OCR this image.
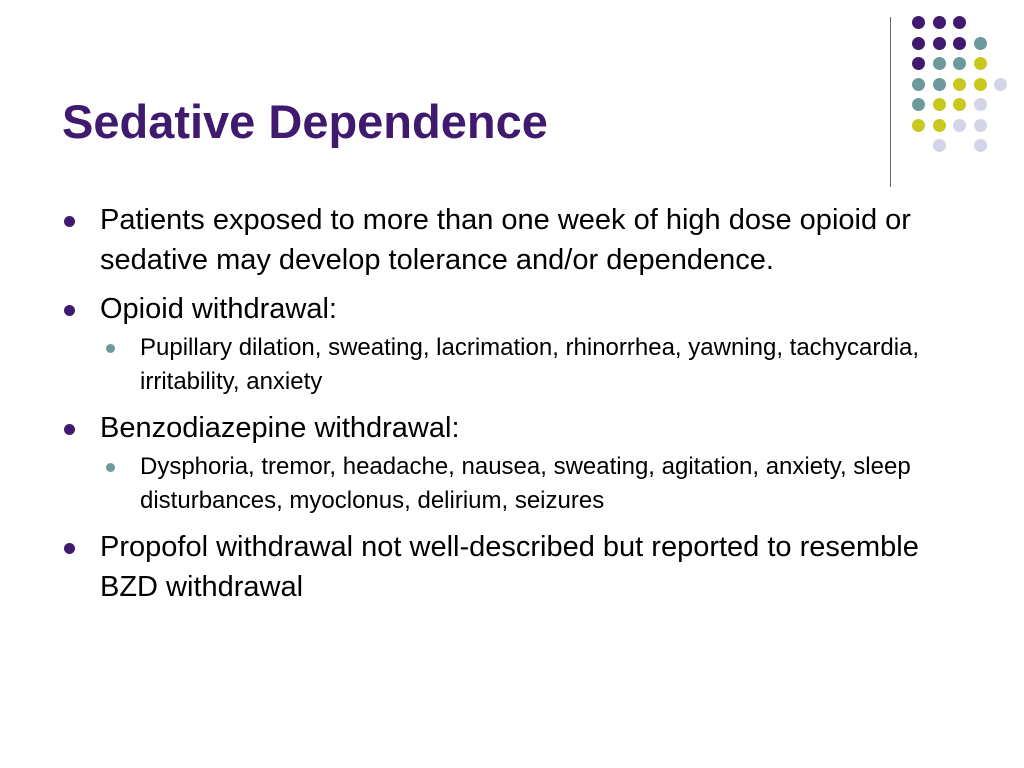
Sedative Dependence
Patients exposed to more than one week of high dose opioid or sedative may develop tolerance and/or dependence.
Opioid withdrawal:
Pupillary dilation, sweating, lacrimation, rhinorrhea, yawning, tachycardia, irritability, anxiety
Benzodiazepine withdrawal:
Dysphoria, tremor, headache, nausea, sweating, agitation, anxiety, sleep disturbances, myoclonus, delirium, seizures
Propofol withdrawal not well-described but reported to resemble BZD withdrawal
